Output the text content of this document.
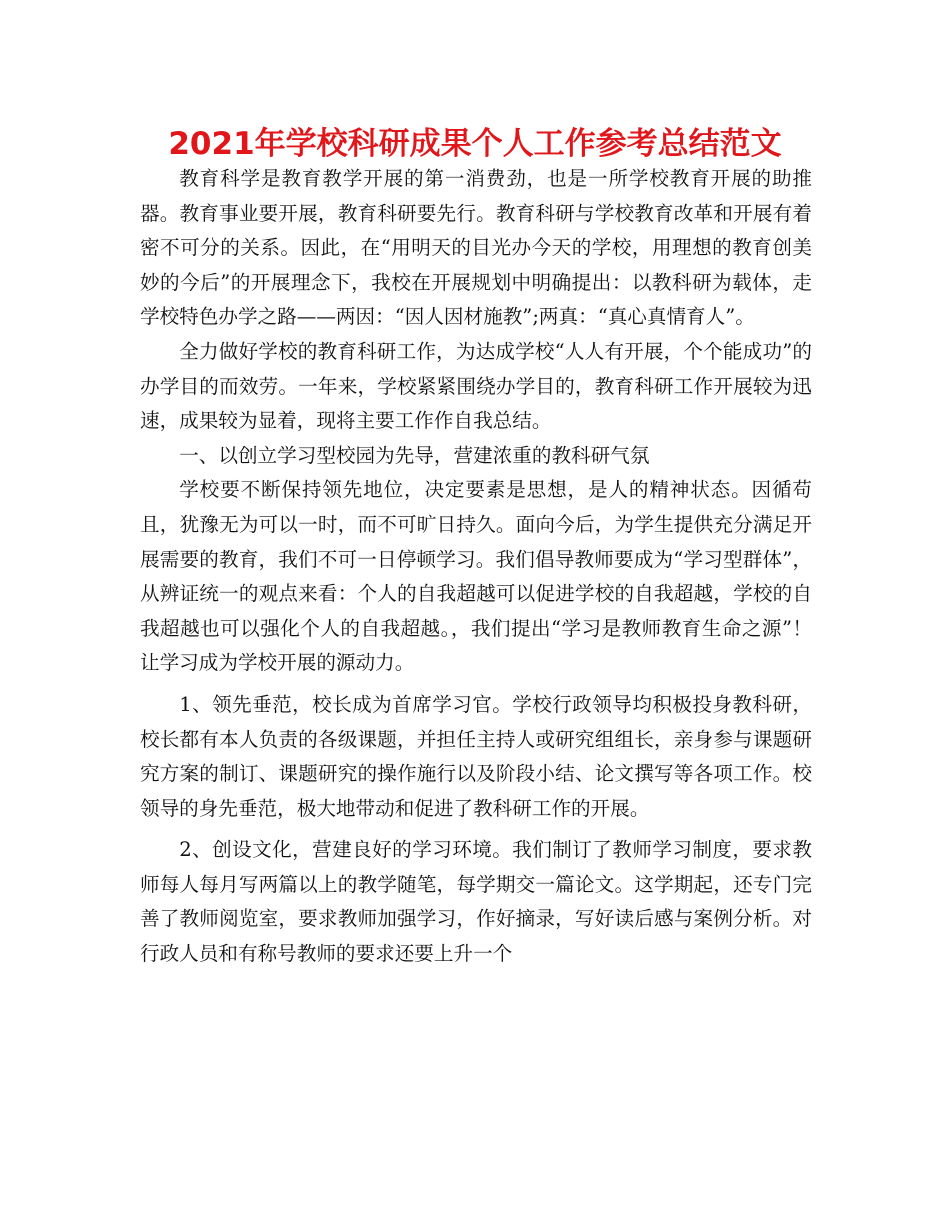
2021年学校科研成果个人工作参考总结范文

教育科学是教育教学开展的第一消费劲，也是一所学校教育开展的助推器。教育事业要开展，教育科研要先行。教育科研与学校教育改革和开展有着密不可分的关系。因此，在“用明天的目光办今天的学校，用理想的教育创美妙的今后”的开展理念下，我校在开展规划中明确提出：以教科研为载体，走学校特色办学之路——两因：“因人因材施教”;两真：“真心真情育人”。

全力做好学校的教育科研工作，为达成学校“人人有开展，个个能成功”的办学目的而效劳。一年来，学校紧紧围绕办学目的，教育科研工作开展较为迅速，成果较为显着，现将主要工作作自我总结。

一、以创立学习型校园为先导，营建浓重的教科研气氛

学校要不断保持领先地位，决定要素是思想，是人的精神状态。因循苟且，犹豫无为可以一时，而不可旷日持久。面向今后，为学生提供充分满足开展需要的教育，我们不可一日停顿学习。我们倡导教师要成为“学习型群体”，从辨证统一的观点来看：个人的自我超越可以促进学校的自我超越，学校的自我超越也可以强化个人的自我超越。，我们提出“学习是教师教育生命之源”！让学习成为学校开展的源动力。

1、领先垂范，校长成为首席学习官。学校行政领导均积极投身教科研，校长都有本人负责的各级课题，并担任主持人或研究组组长，亲身参与课题研究方案的制订、课题研究的操作施行以及阶段小结、论文撰写等各项工作。校领导的身先垂范，极大地带动和促进了教科研工作的开展。

2、创设文化，营建良好的学习环境。我们制订了教师学习制度，要求教师每人每月写两篇以上的教学随笔，每学期交一篇论文。这学期起，还专门完善了教师阅览室，要求教师加强学习，作好摘录，写好读后感与案例分析。对行政人员和有称号教师的要求还要上升一个
